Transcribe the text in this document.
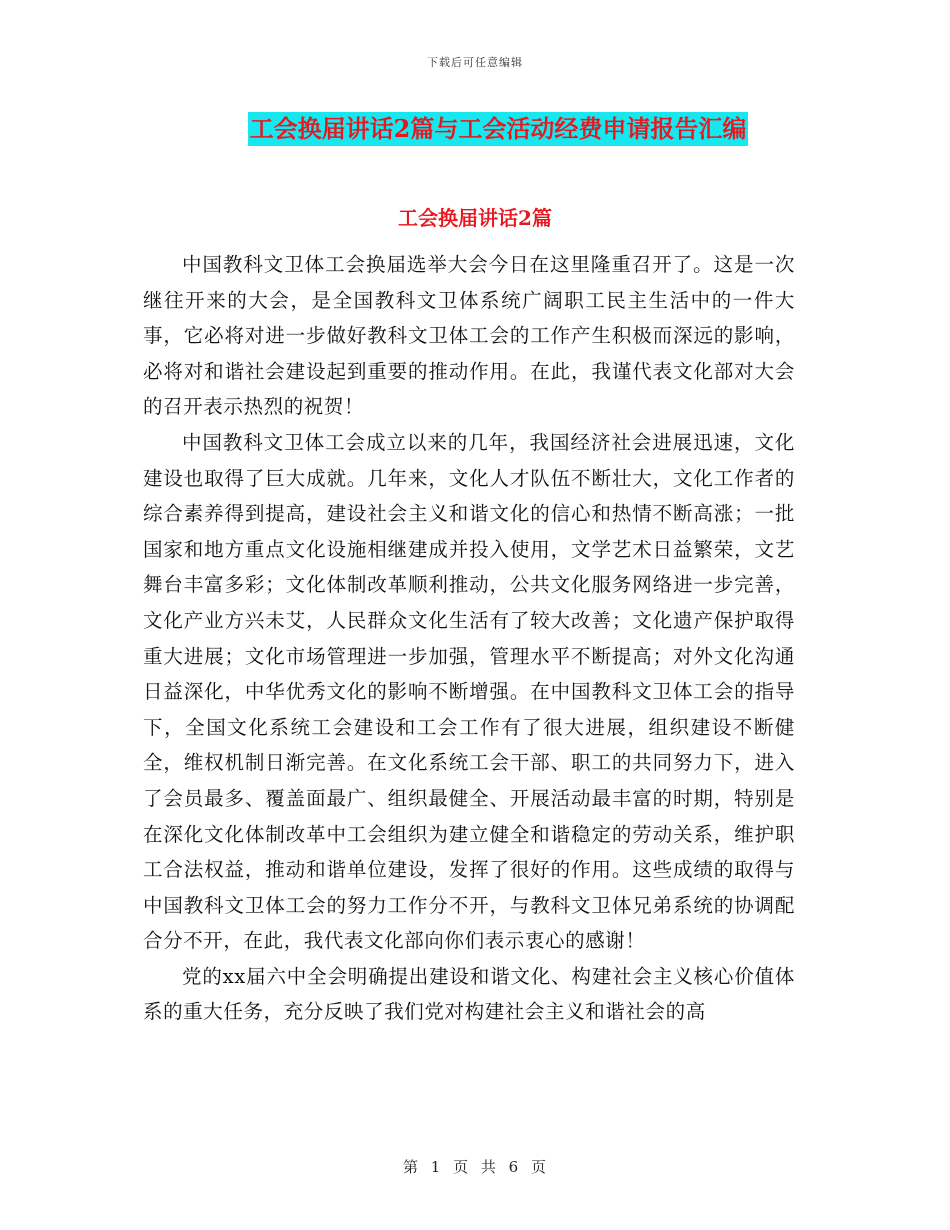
下载后可任意编辑
工会换届讲话2篇与工会活动经费申请报告汇编
工会换届讲话2篇

中国教科文卫体工会换届选举大会今日在这里隆重召开了。这是一次继往开来的大会，是全国教科文卫体系统广阔职工民主生活中的一件大事，它必将对进一步做好教科文卫体工会的工作产生积极而深远的影响，必将对和谐社会建设起到重要的推动作用。在此，我谨代表文化部对大会的召开表示热烈的祝贺！

中国教科文卫体工会成立以来的几年，我国经济社会进展迅速，文化建设也取得了巨大成就。几年来，文化人才队伍不断壮大，文化工作者的综合素养得到提高，建设社会主义和谐文化的信心和热情不断高涨；一批国家和地方重点文化设施相继建成并投入使用，文学艺术日益繁荣，文艺舞台丰富多彩；文化体制改革顺利推动，公共文化服务网络进一步完善，文化产业方兴未艾，人民群众文化生活有了较大改善；文化遗产保护取得重大进展；文化市场管理进一步加强，管理水平不断提高；对外文化沟通日益深化，中华优秀文化的影响不断增强。在中国教科文卫体工会的指导下，全国文化系统工会建设和工会工作有了很大进展，组织建设不断健全，维权机制日渐完善。在文化系统工会干部、职工的共同努力下，进入了会员最多、覆盖面最广、组织最健全、开展活动最丰富的时期，特别是在深化文化体制改革中工会组织为建立健全和谐稳定的劳动关系，维护职工合法权益，推动和谐单位建设，发挥了很好的作用。这些成绩的取得与中国教科文卫体工会的努力工作分不开，与教科文卫体兄弟系统的协调配合分不开，在此，我代表文化部向你们表示衷心的感谢！

党的xx届六中全会明确提出建设和谐文化、构建社会主义核心价值体系的重大任务，充分反映了我们党对构建社会主义和谐社会的高

第 1 页 共 6 页
